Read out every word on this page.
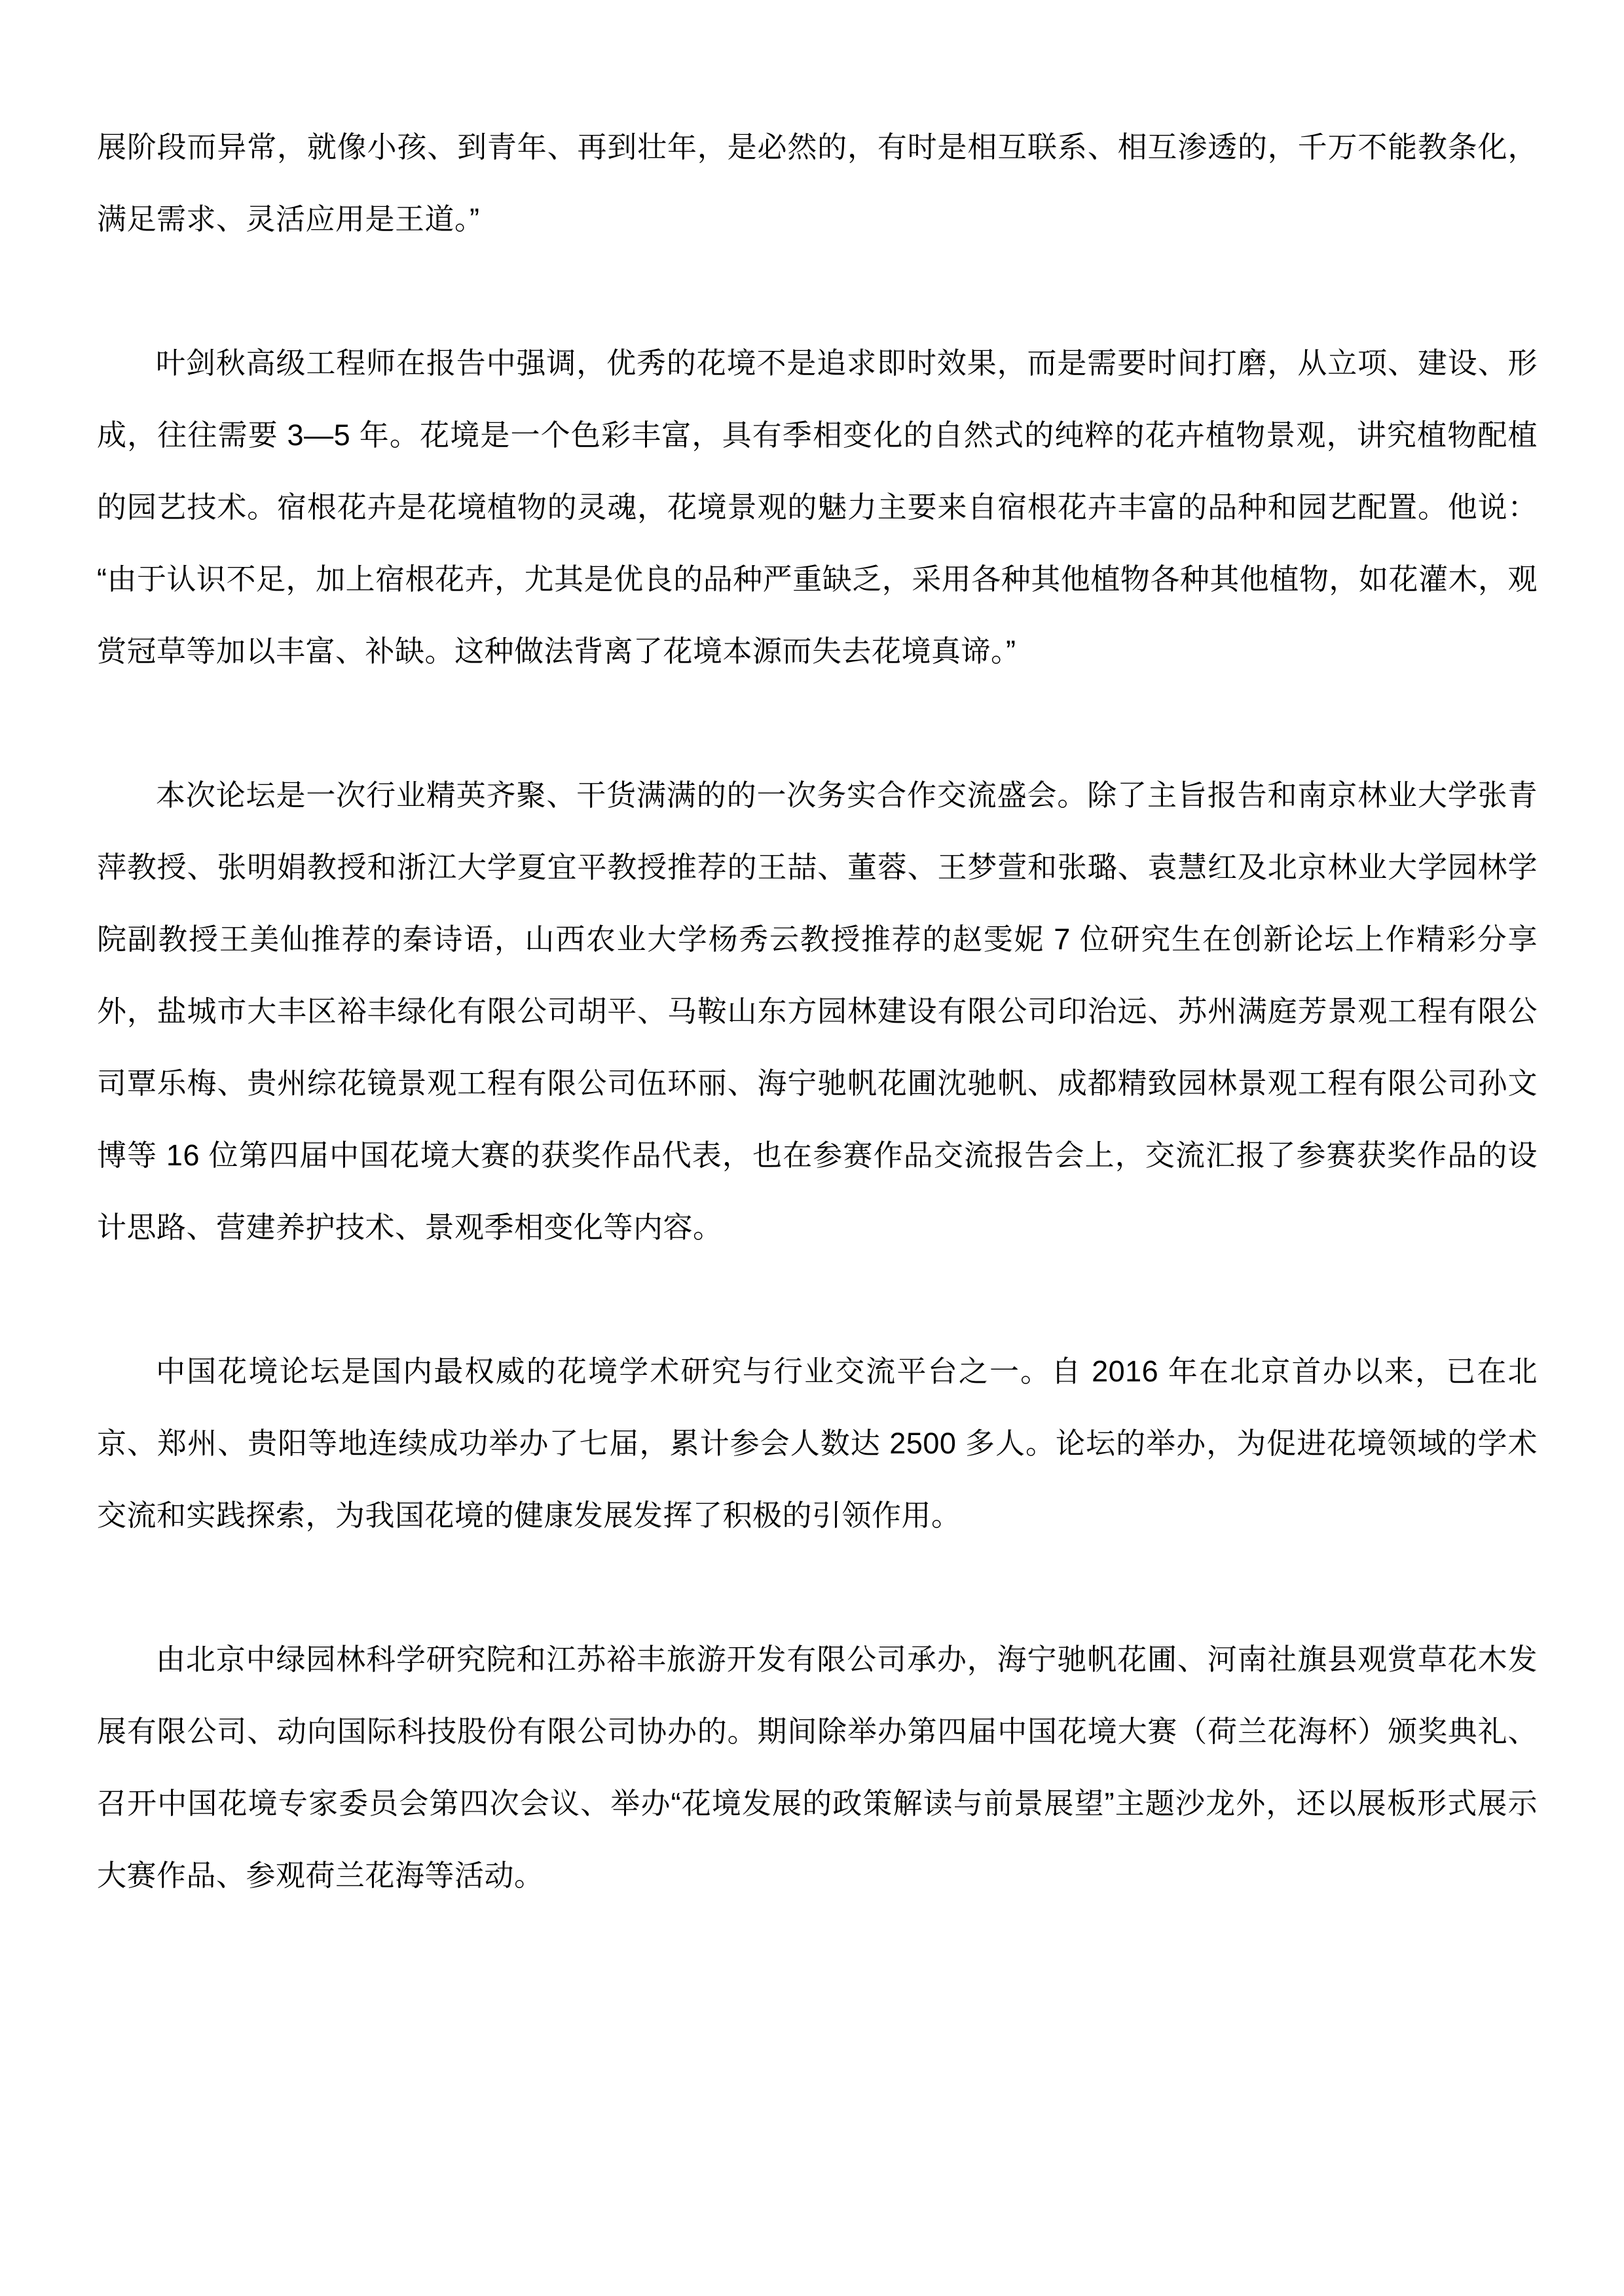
展阶段而异常，就像小孩、到青年、再到壮年，是必然的，有时是相互联系、相互渗透的，千万不能教条化，满足需求、灵活应用是王道。”

叶剑秋高级工程师在报告中强调，优秀的花境不是追求即时效果，而是需要时间打磨，从立项、建设、形成，往往需要 3—5 年。花境是一个色彩丰富，具有季相变化的自然式的纯粹的花卉植物景观，讲究植物配植的园艺技术。宿根花卉是花境植物的灵魂，花境景观的魅力主要来自宿根花卉丰富的品种和园艺配置。他说：“由于认识不足，加上宿根花卉，尤其是优良的品种严重缺乏，采用各种其他植物各种其他植物，如花灌木，观赏冠草等加以丰富、补缺。这种做法背离了花境本源而失去花境真谛。”

本次论坛是一次行业精英齐聚、干货满满的的一次务实合作交流盛会。除了主旨报告和南京林业大学张青萍教授、张明娟教授和浙江大学夏宜平教授推荐的王喆、董蓉、王梦萱和张璐、袁慧红及北京林业大学园林学院副教授王美仙推荐的秦诗语，山西农业大学杨秀云教授推荐的赵雯妮 7 位研究生在创新论坛上作精彩分享外，盐城市大丰区裕丰绿化有限公司胡平、马鞍山东方园林建设有限公司印治远、苏州满庭芳景观工程有限公司覃乐梅、贵州综花镜景观工程有限公司伍环丽、海宁驰帆花圃沈驰帆、成都精致园林景观工程有限公司孙文博等 16 位第四届中国花境大赛的获奖作品代表，也在参赛作品交流报告会上，交流汇报了参赛获奖作品的设计思路、营建养护技术、景观季相变化等内容。

中国花境论坛是国内最权威的花境学术研究与行业交流平台之一。自 2016 年在北京首办以来，已在北京、郑州、贵阳等地连续成功举办了七届，累计参会人数达 2500 多人。论坛的举办，为促进花境领域的学术交流和实践探索，为我国花境的健康发展发挥了积极的引领作用。

由北京中绿园林科学研究院和江苏裕丰旅游开发有限公司承办，海宁驰帆花圃、河南社旗县观赏草花木发展有限公司、动向国际科技股份有限公司协办的。期间除举办第四届中国花境大赛（荷兰花海杯）颁奖典礼、召开中国花境专家委员会第四次会议、举办“花境发展的政策解读与前景展望”主题沙龙外，还以展板形式展示大赛作品、参观荷兰花海等活动。
